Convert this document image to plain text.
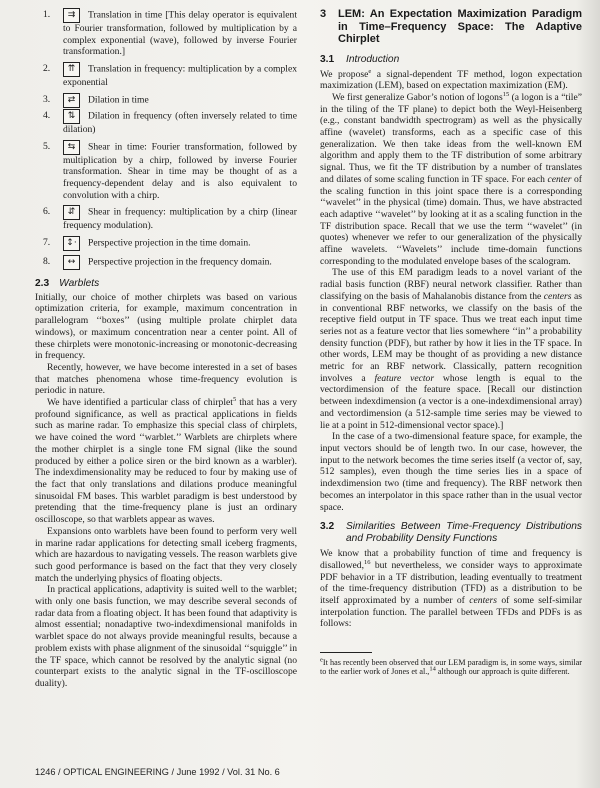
1. ⇉ Translation in time [This delay operator is equivalent to Fourier transformation, followed by multiplication by a complex exponential (wave), followed by inverse Fourier transformation.]
2. ⇈ Translation in frequency: multiplication by a complex exponential
3. ⇄ Dilation in time
4. ⇅ Dilation in frequency (often inversely related to time dilation)
5. ⇆ Shear in time: Fourier transformation, followed by multiplication by a chirp, followed by inverse Fourier transformation. Shear in time may be thought of as a frequency-dependent delay and is also equivalent to convolution with a chirp.
6. ⇵ Shear in frequency: multiplication by a chirp (linear frequency modulation).
7. ↕· Perspective projection in the time domain.
8. ↔ Perspective projection in the frequency domain.
2.3 Warblets

Initially, our choice of mother chirplets was based on various optimization criteria, for example, maximum concentration in parallelogram ‘‘boxes’’ (using multiple prolate chirplet data windows), or maximum concentration near a center point. All of these chirplets were monotonic-increasing or monotonic-decreasing in frequency.

Recently, however, we have become interested in a set of bases that matches phenomena whose time-frequency evolution is periodic in nature.

We have identified a particular class of chirplet$^5$ that has a very profound significance, as well as practical applications in fields such as marine radar. To emphasize this special class of chirplets, we have coined the word ‘‘warblet.’’ Warblets are chirplets where the mother chirplet is a single tone FM signal (like the sound produced by either a police siren or the bird known as a warbler). The indexdimensionality may be reduced to four by making use of the fact that only translations and dilations produce meaningful sinusoidal FM bases. This warblet paradigm is best understood by pretending that the time-frequency plane is just an ordinary oscilloscope, so that warblets appear as waves.

Expansions onto warblets have been found to perform very well in marine radar applications for detecting small iceberg fragments, which are hazardous to navigating vessels. The reason warblets give such good performance is based on the fact that they very closely match the underlying physics of floating objects.

In practical applications, adaptivity is suited well to the warblet; with only one basis function, we may describe several seconds of radar data from a floating object. It has been found that adaptivity is almost essential; nonadaptive two-indexdimensional manifolds in warblet space do not always provide meaningful results, because a problem exists with phase alignment of the sinusoidal ‘‘squiggle’’ in the TF space, which cannot be resolved by the analytic signal (no counterpart exists to the analytic signal in the TF-oscilloscope duality).

3	LEM: An Expectation Maximization Paradigm in Time–Frequency Space: The Adaptive Chirplet
3.1	Introduction

We propose$^e$ a signal-dependent TF method, logon expectation maximization (LEM), based on expectation maximization (EM).

We first generalize Gabor’s notion of logons$^{15}$ (a logon is a “tile” in the tiling of the TF plane) to depict both the Weyl-Heisenberg (e.g., constant bandwidth spectrogram) as well as the physically affine (wavelet) transforms, each as a specific case of this generalization. We then take ideas from the well-known EM algorithm and apply them to the TF distribution of some arbitrary signal. Thus, we fit the TF distribution by a number of translates and dilates of some scaling function in TF space. For each center of the scaling function in this joint space there is a corresponding ‘‘wavelet’’ in the physical (time) domain. Thus, we have abstracted each adaptive ‘‘wavelet’’ by looking at it as a scaling function in the TF distribution space. Recall that we use the term ‘‘wavelet’’ (in quotes) whenever we refer to our generalization of the physically affine wavelets. ‘‘Wavelets’’ include time-domain functions corresponding to the modulated envelope bases of the scalogram.

The use of this EM paradigm leads to a novel variant of the radial basis function (RBF) neural network classifier. Rather than classifying on the basis of Mahalanobis distance from the centers as in conventional RBF networks, we classify on the basis of the receptive field output in TF space. Thus we treat each input time series not as a feature vector that lies somewhere ‘‘in’’ a probability density function (PDF), but rather by how it lies in the TF space. In other words, LEM may be thought of as providing a new distance metric for an RBF network. Classically, pattern recognition involves a feature vector whose length is equal to the vectordimension of the feature space. [Recall our distinction between indexdimension (a vector is a one-indexdimensional array) and vectordimension (a 512-sample time series may be viewed to lie at a point in 512-dimensional vector space).]

In the case of a two-dimensional feature space, for example, the input vectors should be of length two. In our case, however, the input to the network becomes the time series itself (a vector of, say, 512 samples), even though the time series lies in a space of indexdimension two (time and frequency). The RBF network then becomes an interpolator in this space rather than in the usual vector space.

3.2	Similarities Between Time-Frequency Distributions and Probability Density Functions

We know that a probability function of time and frequency is disallowed,$^{16}$ but nevertheless, we consider ways to approximate PDF behavior in a TF distribution, leading eventually to treatment of the time-frequency distribution (TFD) as a distribution to be itself approximated by a number of centers of some self-similar interpolation function. The parallel between TFDs and PDFs is as follows:

$^e$It has recently been observed that our LEM paradigm is, in some ways, similar to the earlier work of Jones et al.,$^{14}$ although our approach is quite different.

1246 / OPTICAL ENGINEERING / June 1992 / Vol. 31 No. 6
